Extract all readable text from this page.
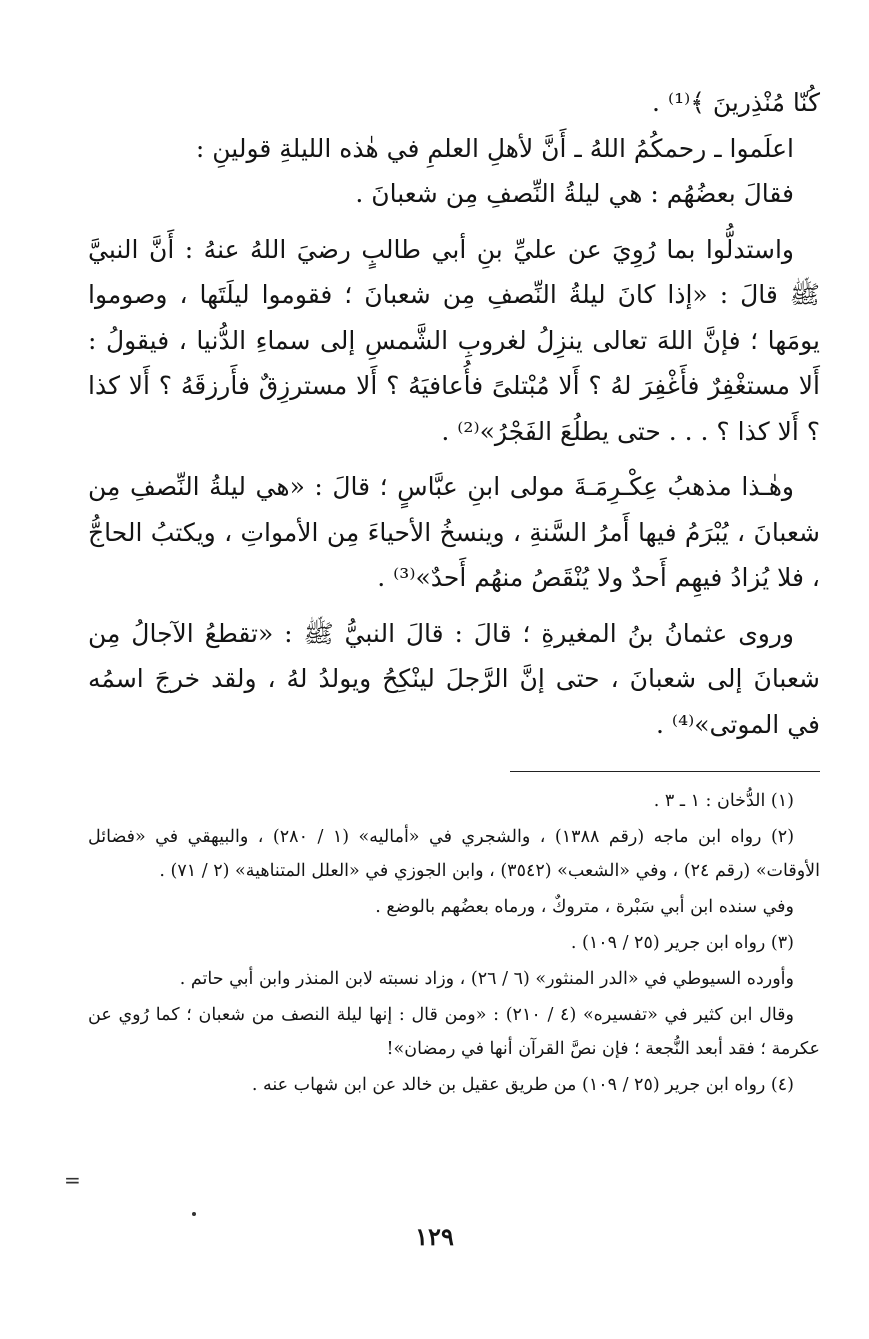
كُنّا مُنْذِرينَ ﴾⁽¹⁾ .

اعلَموا ـ رحمكُمُ اللهُ ـ أَنَّ لأهلِ العلمِ في هٰذه الليلةِ قولينِ :

فقالَ بعضُهُم : هي ليلةُ النِّصفِ مِن شعبانَ .

واستدلُّوا بما رُوِيَ عن عليِّ بنِ أبي طالبٍ رضيَ اللهُ عنهُ : أَنَّ النبيَّ ﷺ قالَ : «إذا كانَ ليلةُ النِّصفِ مِن شعبانَ ؛ فقوموا ليلَتَها ، وصوموا يومَها ؛ فإنَّ اللهَ تعالى ينزِلُ لغروبِ الشَّمسِ إلى سماءِ الدُّنيا ، فيقولُ : أَلا مستغْفِرٌ فأَغْفِرَ لهُ ؟ أَلا مُبْتلىً فأُعافيَهُ ؟ أَلا مسترزِقٌ فأَرزقَهُ ؟ أَلا كذا ؟ أَلا كذا ؟ . . . حتى يطلُعَ الفَجْرُ»⁽²⁾ .

وهٰـذا مذهبُ عِكْـرِمَـةَ مولى ابنِ عبَّاسٍ ؛ قالَ : «هي ليلةُ النِّصفِ مِن شعبانَ ، يُبْرَمُ فيها أَمرُ السَّنةِ ، وينسخُ الأحياءَ مِن الأمواتِ ، ويكتبُ الحاجُّ ، فلا يُزادُ فيهِم أَحدٌ ولا يُنْقَصُ منهُم أَحدٌ»⁽³⁾ .

وروى عثمانُ بنُ المغيرةِ ؛ قالَ : قالَ النبيُّ ﷺ : «تقطعُ الآجالُ مِن شعبانَ إلى شعبانَ ، حتى إنَّ الرَّجلَ لينْكِحُ ويولدُ لهُ ، ولقد خرجَ اسمُه في الموتى»⁽⁴⁾ .

(١) الدُّخان : ١ ـ ٣ .

(٢) رواه ابن ماجه (رقم ١٣٨٨) ، والشجري في «أماليه» (١ / ٢٨٠) ، والبيهقي في «فضائل الأوقات» (رقم ٢٤) ، وفي «الشعب» (٣٥٤٢) ، وابن الجوزي في «العلل المتناهية» (٢ / ٧١) .

وفي سنده ابن أبي سَبْرة ، متروكٌ ، ورماه بعضُهم بالوضع .

(٣) رواه ابن جرير (٢٥ / ١٠٩) .

وأورده السيوطي في «الدر المنثور» (٦ / ٢٦) ، وزاد نسبته لابن المنذر وابن أبي حاتم .

وقال ابن كثير في «تفسيره» (٤ / ٢١٠) : «ومن قال : إنها ليلة النصف من شعبان ؛ كما رُوي عن عكرمة ؛ فقد أبعد النُّجعة ؛ فإن نصَّ القرآن أنها في رمضان»!

(٤) رواه ابن جرير (٢٥ / ١٠٩) من طريق عقيل بن خالد عن ابن شهاب عنه .

=
١٢٩
